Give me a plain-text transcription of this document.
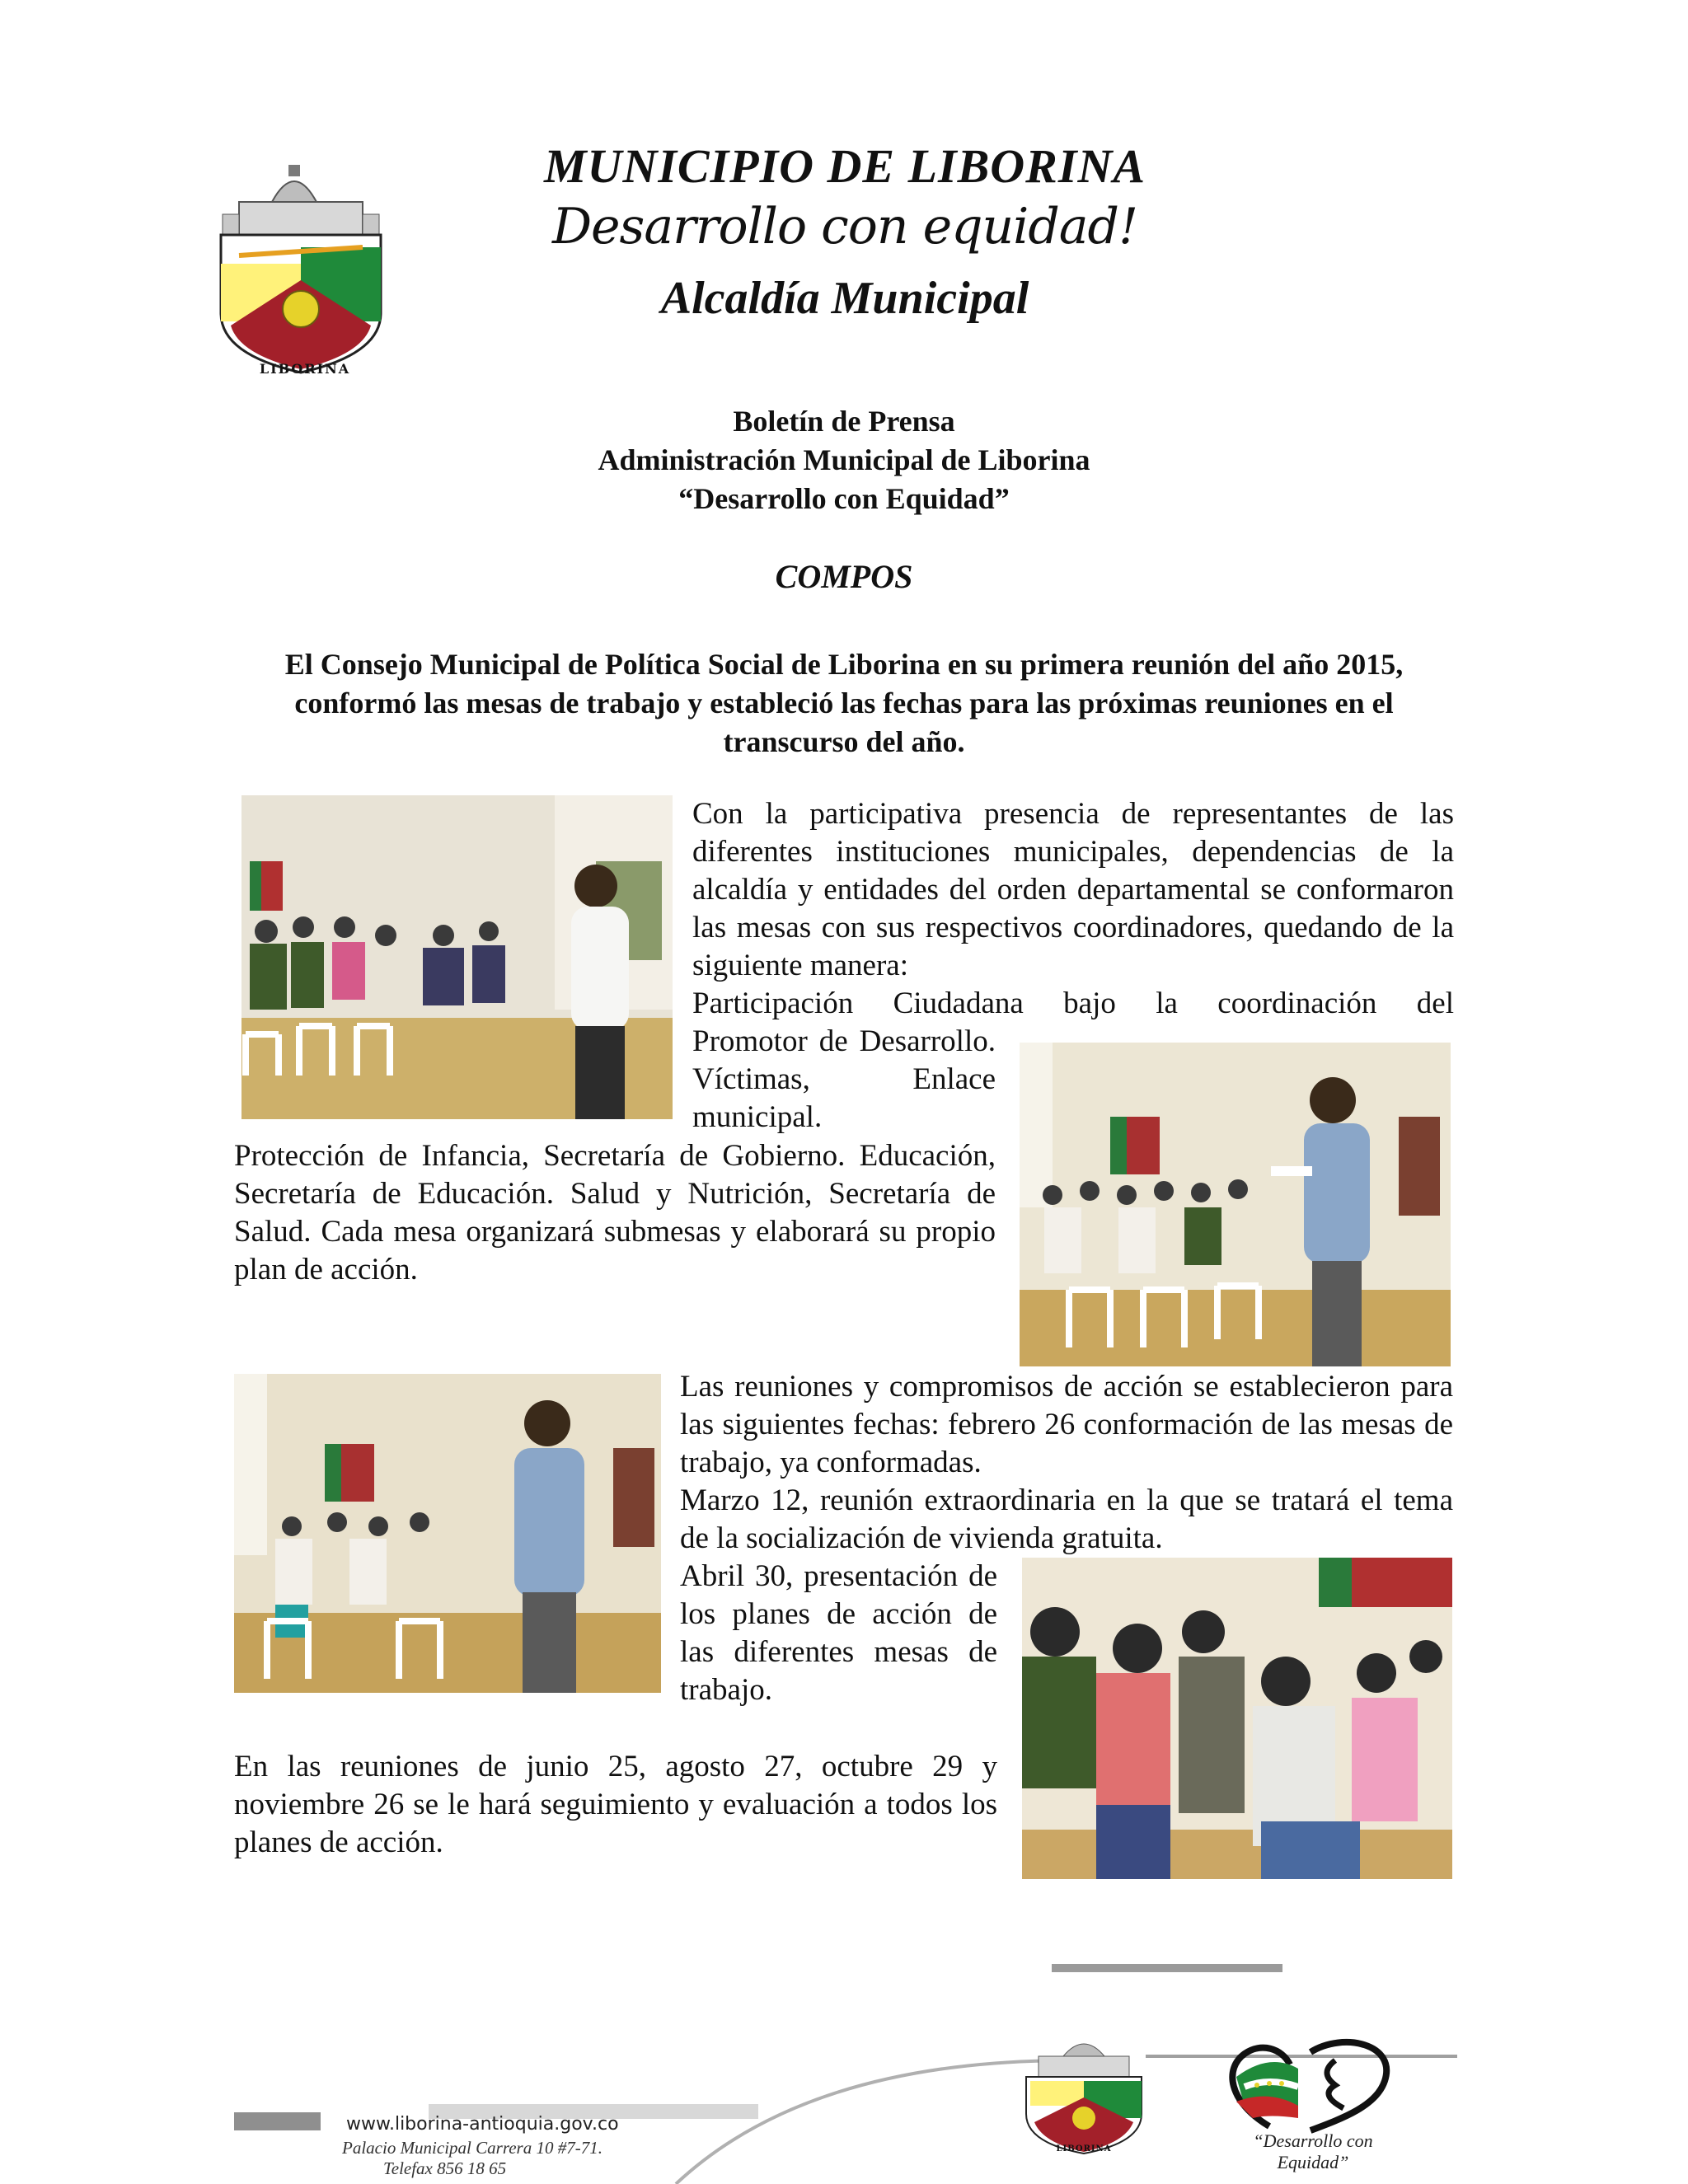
LIBORINA
MUNICIPIO DE LIBORINA
Desarrollo con equidad!
Alcaldía Municipal
Boletín de Prensa
Administración Municipal de Liborina
“Desarrollo con Equidad”
COMPOS
El Consejo Municipal de Política Social de Liborina en su primera reunión del año 2015, conformó las mesas de trabajo y estableció las fechas para las próximas reuniones en el transcurso del año.
Con la participativa presencia de representantes de las diferentes instituciones municipales, dependencias de la alcaldía y entidades del orden departamental se conformaron las mesas con sus respectivos coordinadores, quedando de la siguiente manera:
Participación Ciudadana bajo la coordinación del
Promotor de Desarrollo. Víctimas, Enlace municipal.
Protección de Infancia, Secretaría de Gobierno. Educación, Secretaría de Educación. Salud y Nutrición, Secretaría de Salud. Cada mesa organizará submesas y elaborará su propio plan de acción.
Las reuniones y compromisos de acción se establecieron para las siguientes fechas: febrero 26 conformación de las mesas de trabajo, ya conformadas.
Marzo 12, reunión extraordinaria en la que se tratará el tema de la socialización de vivienda gratuita.
Abril 30, presentación de los planes de acción de las diferentes mesas de trabajo.
En las reuniones de junio 25, agosto 27, octubre 29 y noviembre 26 se le hará seguimiento y evaluación a todos los planes de acción.
www.liborina-antioquia.gov.co
Palacio Municipal Carrera 10 #7-71.
Telefax 856 18 65
LIBORINA	“Desarrollo con Equidad”
